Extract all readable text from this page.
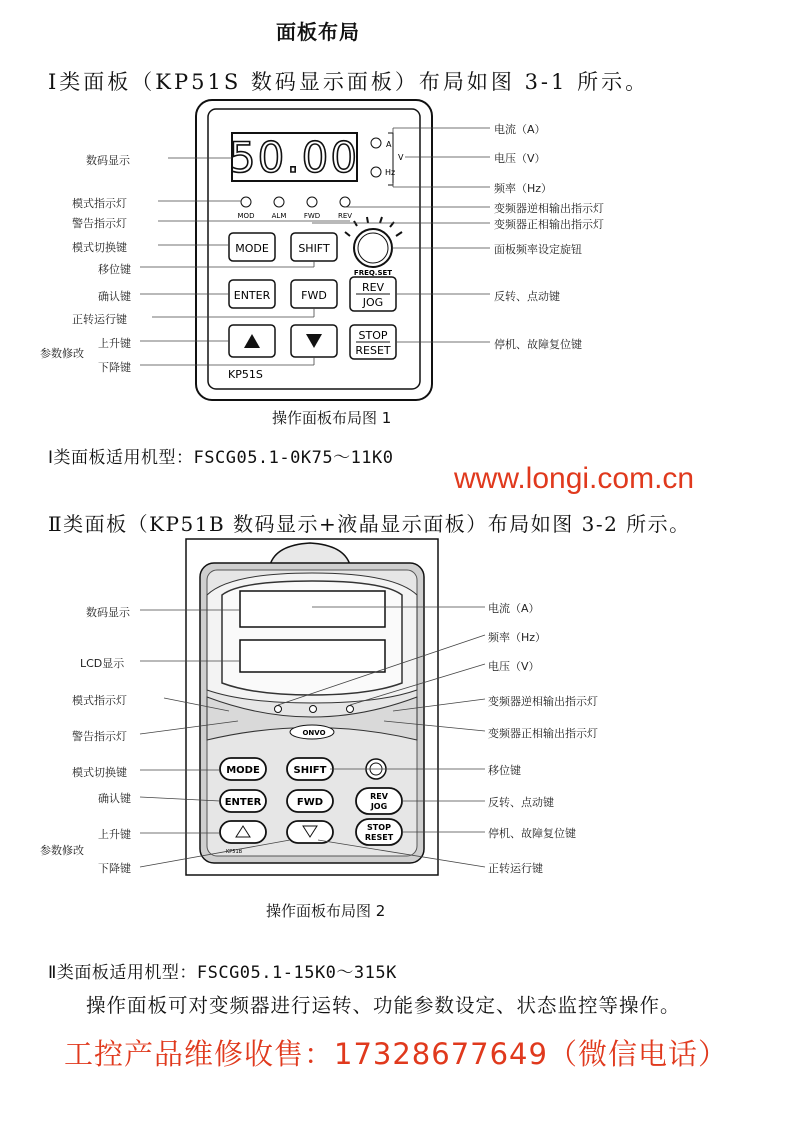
面板布局
Ⅰ类面板（KP51S 数码显示面板）布局如图 3-1 所示。
50.00	A
V
Hz
MOD ALM FWD	REV
FREQ.SET
MODE	SHIFT
ENTER	FWD
REV
JOG
STOP
RESET
KP51S
数码显示
模式指示灯
警告指示灯
模式切换键
移位键
确认键
正转运行键
上升键
参数修改
下降键
电流（A）
电压（V）
频率（Hz）
变频器逆相输出指示灯
变频器正相输出指示灯
面板频率设定旋钮
反转、点动键
停机、故障复位键
操作面板布局图 1
Ⅰ类面板适用机型：FSCG05.1-0K75～11K0
www.longi.com.cn
Ⅱ类面板（KP51B 数码显示+液晶显示面板）布局如图 3-2 所示。
ONVO
MODE	SHIFT
ENTER	FWD
REV
JOG
STOP
RESET
KP51B
数码显示
LCD显示
模式指示灯
警告指示灯
模式切换键
确认键
上升键
参数修改
下降键
电流（A）
频率（Hz）
电压（V）
变频器逆相输出指示灯
变频器正相输出指示灯
移位键
反转、点动键
停机、故障复位键
正转运行键
操作面板布局图 2
Ⅱ类面板适用机型：FSCG05.1-15K0～315K
操作面板可对变频器进行运转、功能参数设定、状态监控等操作。
工控产品维修收售：17328677649（微信电话）
